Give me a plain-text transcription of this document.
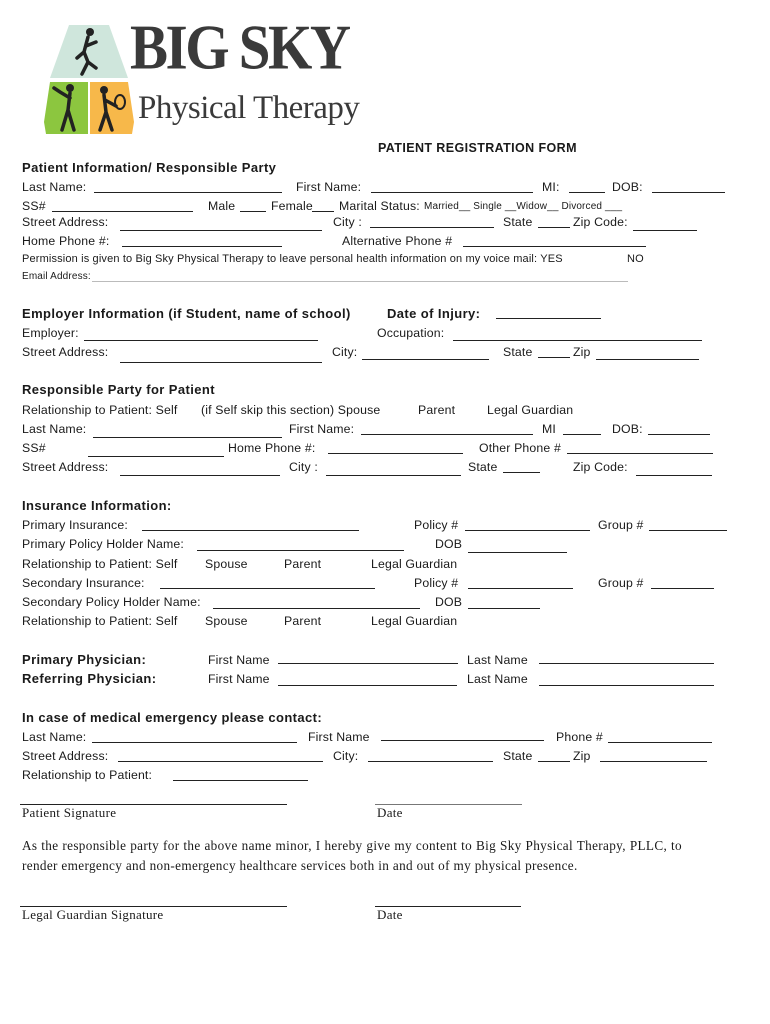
BIG SKY
Physical Therapy
PATIENT REGISTRATION FORM
Patient Information/ Responsible Party
Last Name:	First Name:	MI:	DOB:
SS#	Male	Female Marital Status: Married__ Single __Widow__ Divorced ___
Street Address:	City :	State	Zip Code:
Home Phone #:	Alternative Phone #
Permission is given to Big Sky Physical Therapy to leave personal health information on my voice mail: YES	NO
Email Address:
Employer Information (if Student, name of school)	Date of Injury:
Employer:	Occupation:
Street Address:	City:	State	Zip
Responsible Party for Patient
Relationship to Patient: Self (if Self skip this section) Spouse	Parent	Legal Guardian
Last Name:	First Name:	MI	DOB:
SS#	Home Phone #:	Other Phone #
Street Address:	City :	State	Zip Code:
Insurance Information:
Primary Insurance:	Policy #	Group #
Primary Policy Holder Name:	DOB
Relationship to Patient: Self Spouse	Parent	Legal Guardian
Secondary Insurance:	Policy #	Group #
Secondary Policy Holder Name:	DOB
Relationship to Patient: Self Spouse	Parent	Legal Guardian
Primary Physician:	First Name	Last Name
Referring Physician:	First Name	Last Name
In case of medical emergency please contact:
Last Name:	First Name	Phone #
Street Address:	City:	State	Zip
Relationship to Patient:
Patient Signature	Date
As the responsible party for the above name minor, I hereby give my content to Big Sky Physical Therapy, PLLC, to render emergency and non-emergency healthcare services both in and out of my physical presence.
Legal Guardian Signature	Date
